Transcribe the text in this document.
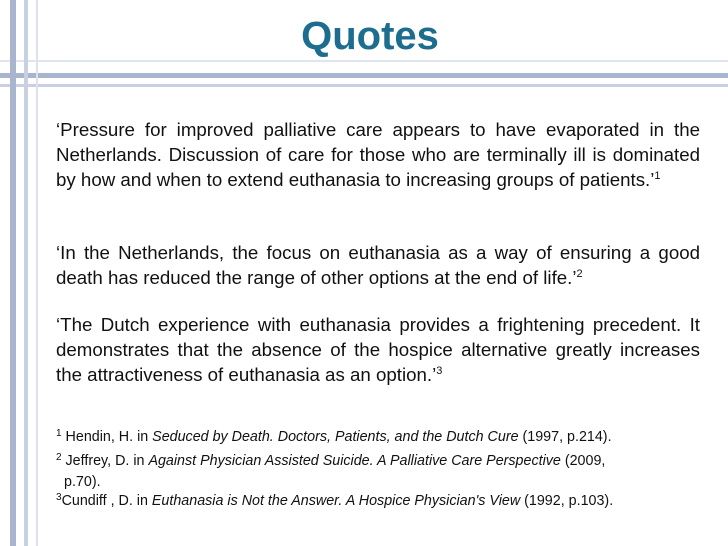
Quotes

‘Pressure for improved palliative care appears to have evaporated in the Netherlands. Discussion of care for those who are terminally ill is dominated by how and when to extend euthanasia to increasing groups of patients.’$^1$

‘In the Netherlands, the focus on euthanasia as a way of ensuring a good death has reduced the range of other options at the end of life.’$^2$

‘The Dutch experience with euthanasia provides a frightening precedent. It demonstrates that the absence of the hospice alternative greatly increases the attractiveness of euthanasia as an option.’$^3$

$^1$ Hendin, H. in Seduced by Death. Doctors, Patients, and the Dutch Cure (1997, p.214).
$^2$ Jeffrey, D. in Against Physician Assisted Suicide. A Palliative Care Perspective (2009,
p.70).
$^3$Cundiff , D. in Euthanasia is Not the Answer. A Hospice Physician's View (1992, p.103).
